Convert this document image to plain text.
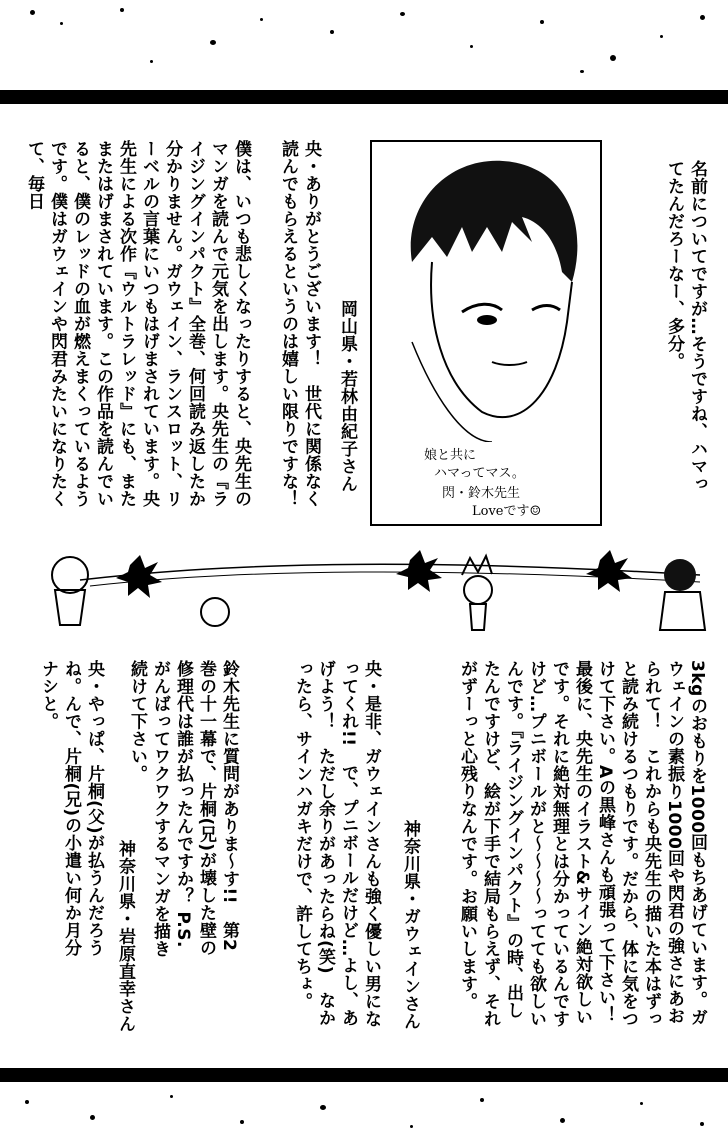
名前についてですが…そうですね、ハマってたんだろーなー、多分。
娘と共に
ハマってマス。
閃・鈴木先生
Loveです☺
岡山県・若林由紀子さん
央・ありがとうございます！　世代に関係なく読んでもらえるというのは嬉しい限りですな！
僕は、いつも悲しくなったりすると、央先生のマンガを読んで元気を出します。央先生の『ライジングインパクト』全巻、何回読み返したか分かりません。ガウェイン、ランスロット、リーベルの言葉にいつもはげまされています。央先生による次作『ウルトラレッド』にも、またまたはげまされています。この作品を読んでいると、僕のレッドの血が燃えまくっているようです。僕はガウェインや閃君みたいになりたくて、毎日
3kgのおもりを1000回もちあげています。ガウェインの素振り1000回や閃君の強さにあおられて！　これからも央先生の描いた本はずっと読み続けるつもりです。だから、体に気をつけて下さい。Aの黒峰さんも頑張って下さい！　最後に、央先生のイラスト&サイン絶対欲しいです。それに絶対無理とは分かっているんですけど…プニボールがと〜〜〜〜ってても欲しいんです。『ライジングインパクト』の時、出したんですけど、絵が下手で結局もらえず、それがずーっと心残りなんです。お願いします。
神奈川県・ガウェインさん
央・是非、ガウェインさんも強く優しい男になってくれ!!　で、プニボールだけど…よし、あげよう！　ただし余りがあったらね(笑)　なかったら、サインハガキだけで、許してちょ。
鈴木先生に質問がありま〜す!!　第2巻の十一幕で、片桐(兄)が壊した壁の修理代は誰が払ったんですか？ P.S.　がんばってワクワクするマンガを描き続けて下さい。
神奈川県・岩原直幸さん
央・やっぱ、片桐(父)が払うんだろうね。んで、片桐(兄)の小遣い何か月分ナシと。
